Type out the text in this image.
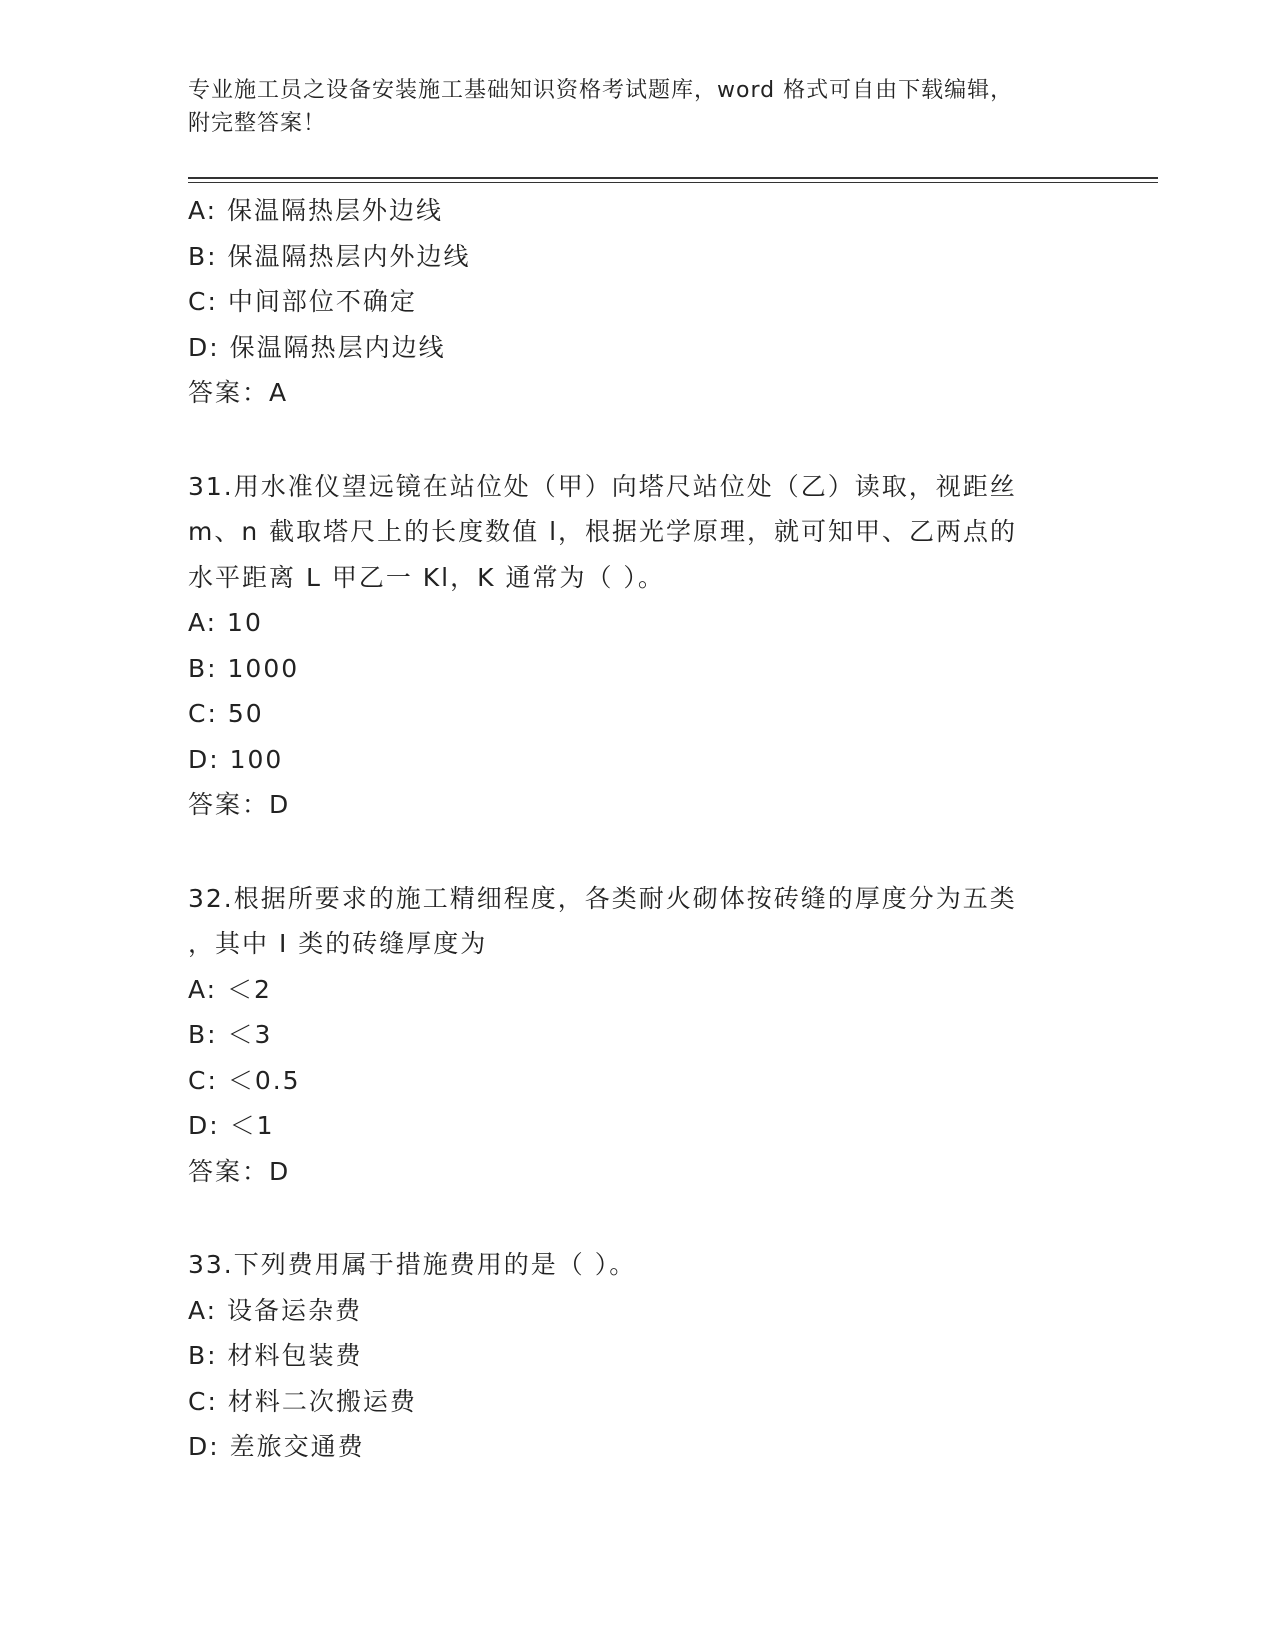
专业施工员之设备安装施工基础知识资格考试题库，word 格式可自由下载编辑，
附完整答案！
A: 保温隔热层外边线
B: 保温隔热层内外边线
C: 中间部位不确定
D: 保温隔热层内边线
答案：A
31.用水准仪望远镜在站位处（甲）向塔尺站位处（乙）读取，视距丝
m、n 截取塔尺上的长度数值 l，根据光学原理，就可知甲、乙两点的
水平距离 L 甲乙一 Kl，K 通常为（ ）。
A: 10
B: 1000
C: 50
D: 100
答案：D
32.根据所要求的施工精细程度，各类耐火砌体按砖缝的厚度分为五类
，其中 I 类的砖缝厚度为
A: ＜2
B: ＜3
C: ＜0.5
D: ＜1
答案：D
33.下列费用属于措施费用的是（ ）。
A: 设备运杂费
B: 材料包装费
C: 材料二次搬运费
D: 差旅交通费
